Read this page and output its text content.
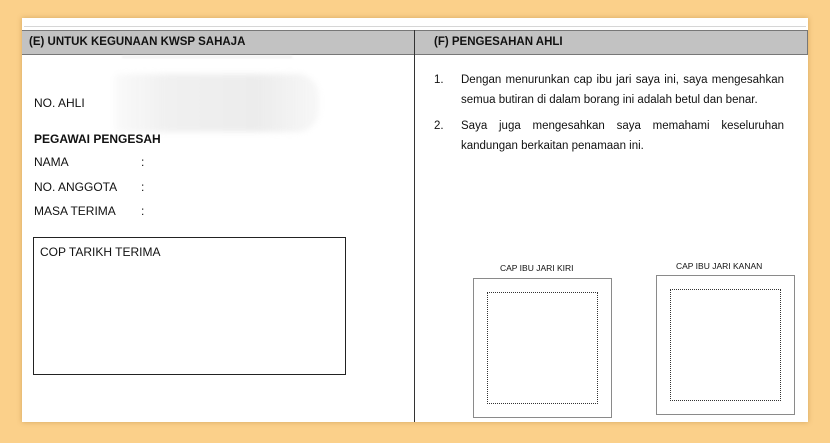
(E) UNTUK KEGUNAAN KWSP SAHAJA	(F) PENGESAHAN AHLI
NO. AHLI
PEGAWAI PENGESAH
NAMA	:
NO. ANGGOTA :
MASA TERIMA :
COP TARIKH TERIMA
1. Dengan menurunkan cap ibu jari saya ini, saya mengesahkan semua butiran di dalam borang ini adalah betul dan benar.
2. Saya juga mengesahkan saya memahami keseluruhan kandungan berkaitan penamaan ini.
CAP IBU JARI KIRI	CAP IBU JARI KANAN
